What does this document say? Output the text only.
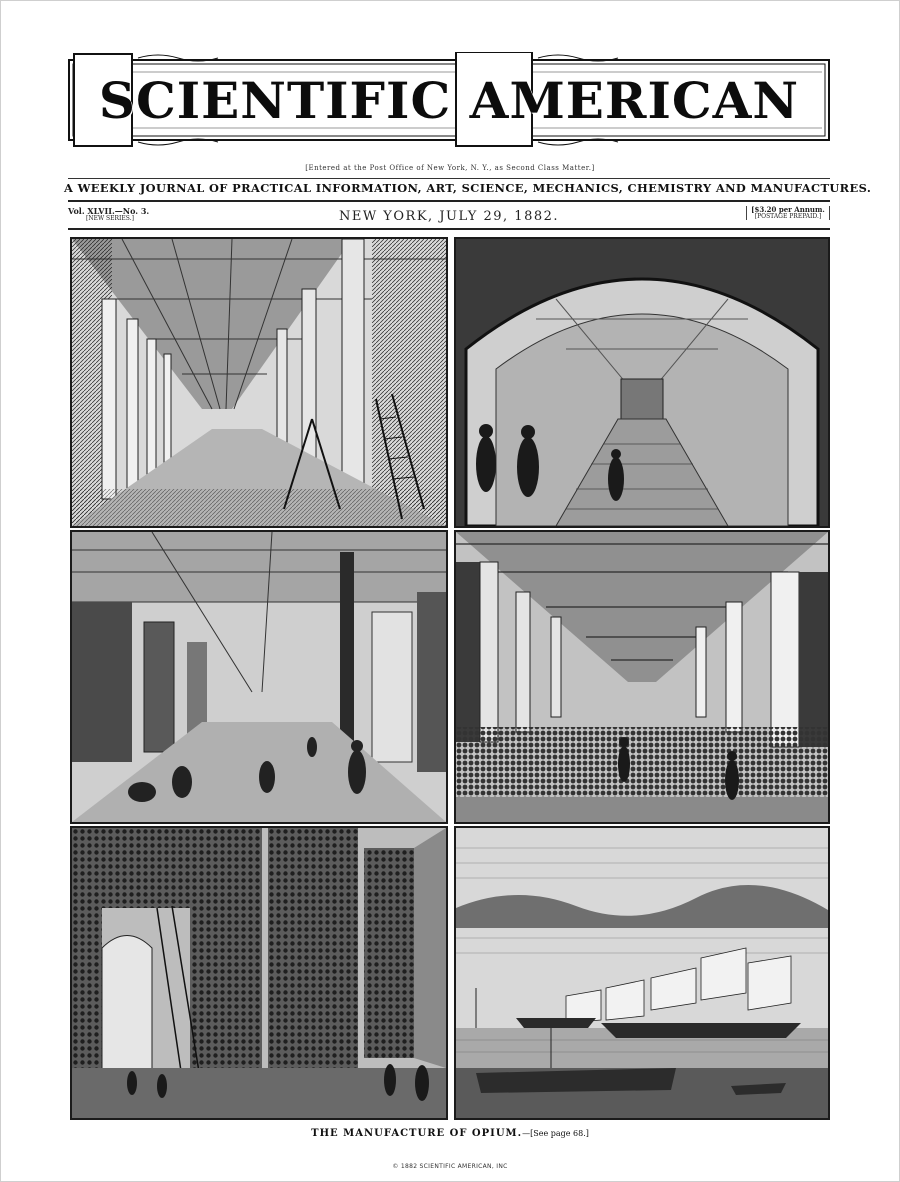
SCIENTIFIC AMERICAN
[Entered at the Post Office of New York, N. Y., as Second Class Matter.]
A WEEKLY JOURNAL OF PRACTICAL INFORMATION, ART, SCIENCE, MECHANICS, CHEMISTRY AND MANUFACTURES.
Vol. XLVII.—No. 3.
[NEW SERIES.]	NEW YORK, JULY 29, 1882.	[$3.20 per Annum.
[POSTAGE PREPAID.]
THE MANUFACTURE OF OPIUM.—[See page 68.]
© 1882 SCIENTIFIC AMERICAN, INC
